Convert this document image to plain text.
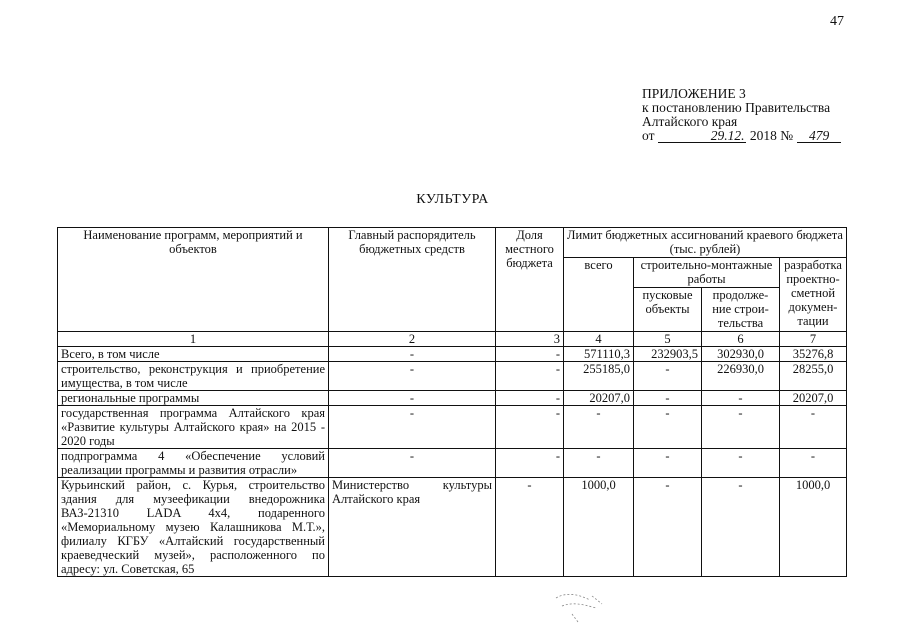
47
ПРИЛОЖЕНИЕ 3
к постановлению Правительства
Алтайского края
от	29.12. 2018 № 479
КУЛЬТУРА
Наименование программ, мероприятий и объектов	Главный распорядитель бюджетных средств	Доля местного бюджета	Лимит бюджетных ассигнований краевого бюджета (тыс. рублей)			
			всего	строительно-монтажные работы		разработка проектно-сметной докумен-тации
				пусковые объекты	продолже-ние строи-тельства	
1	2	3	4	5	6	7
Всего, в том числе	-	-	571110,3	232903,5	302930,0	35276,8
строительство, реконструкция и приобретение имущества, в том числе	-	-	255185,0	-	226930,0	28255,0
региональные программы	-	-	20207,0	-	-	20207,0
государственная программа Алтайского края «Развитие культуры Алтайского края» на 2015 - 2020 годы	-	-	-	-	-	-
подпрограмма 4 «Обеспечение условий реализации программы и развития отрасли»	-	-	-	-	-	-
Курьинский район, с. Курья, строительство здания для музеефикации внедорожника ВАЗ-21310 LADA 4x4, подаренного «Мемориальному музею Калашникова М.Т.», филиалу КГБУ «Алтайский государственный краеведческий музей», расположенного по адресу: ул. Советская, 65	Министерство культуры Алтайского края	-	1000,0	-	-	1000,0
